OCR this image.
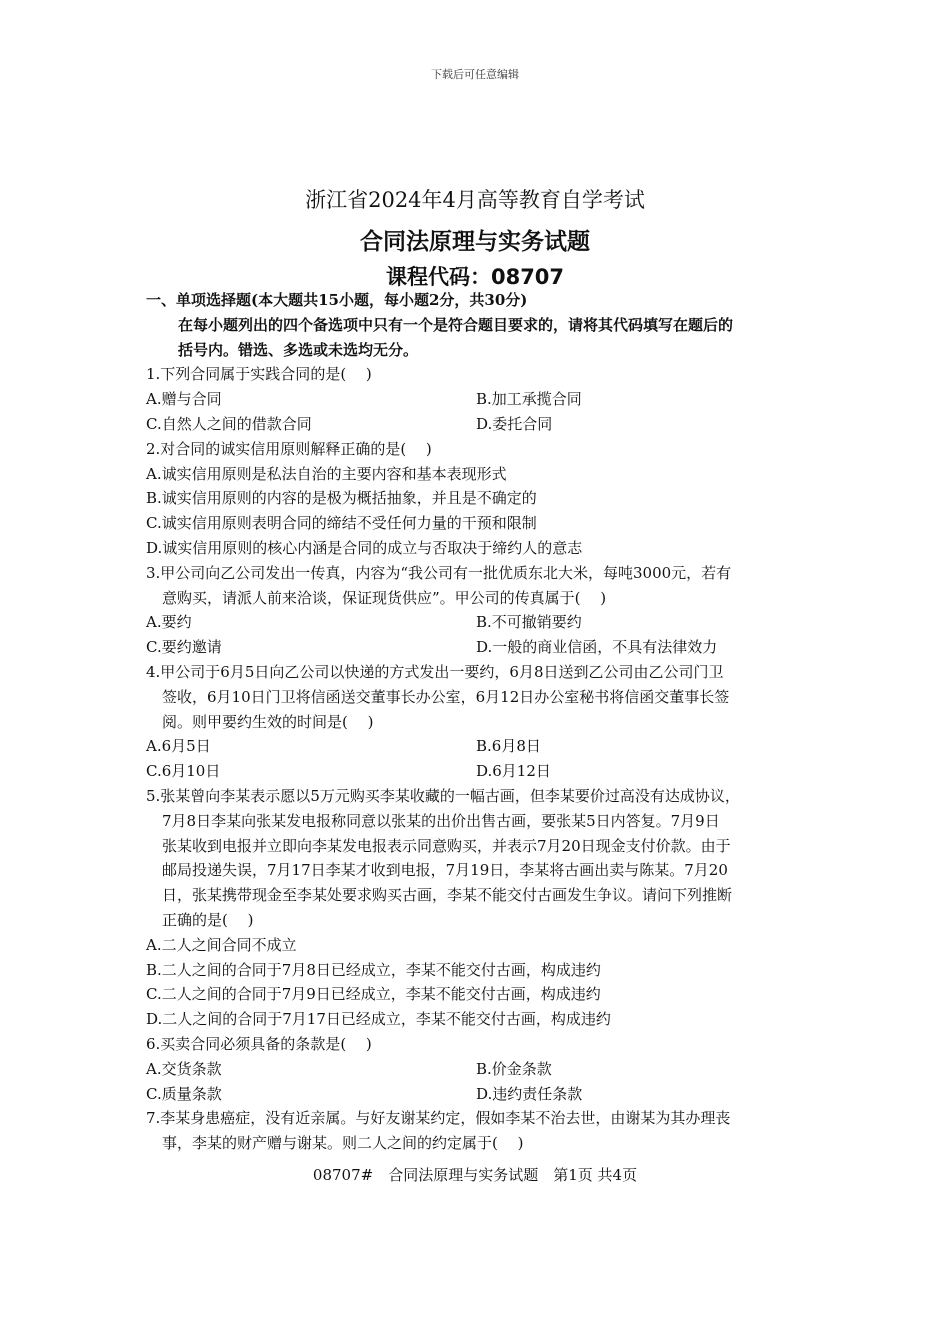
下载后可任意编辑
浙江省2024年4月高等教育自学考试
合同法原理与实务试题
课程代码：08707
一、单项选择题(本大题共15小题，每小题2分，共30分)
在每小题列出的四个备选项中只有一个是符合题目要求的，请将其代码填写在题后的
括号内。错选、多选或未选均无分。
1.下列合同属于实践合同的是(　 )
A.赠与合同	B.加工承揽合同
C.自然人之间的借款合同	D.委托合同
2.对合同的诚实信用原则解释正确的是(　 )
A.诚实信用原则是私法自治的主要内容和基本表现形式
B.诚实信用原则的内容的是极为概括抽象，并且是不确定的
C.诚实信用原则表明合同的缔结不受任何力量的干预和限制
D.诚实信用原则的核心内涵是合同的成立与否取决于缔约人的意志
3.甲公司向乙公司发出一传真，内容为“我公司有一批优质东北大米，每吨3000元，若有
意购买，请派人前来洽谈，保证现货供应”。甲公司的传真属于(　 )
A.要约	B.不可撤销要约
C.要约邀请	D.一般的商业信函，不具有法律效力
4.甲公司于6月5日向乙公司以快递的方式发出一要约，6月8日送到乙公司由乙公司门卫
签收，6月10日门卫将信函送交董事长办公室，6月12日办公室秘书将信函交董事长签
阅。则甲要约生效的时间是(　 )
A.6月5日	B.6月8日
C.6月10日	D.6月12日
5.张某曾向李某表示愿以5万元购买李某收藏的一幅古画，但李某要价过高没有达成协议，
7月8日李某向张某发电报称同意以张某的出价出售古画，要张某5日内答复。7月9日
张某收到电报并立即向李某发电报表示同意购买，并表示7月20日现金支付价款。由于
邮局投递失误，7月17日李某才收到电报，7月19日，李某将古画出卖与陈某。7月20
日，张某携带现金至李某处要求购买古画，李某不能交付古画发生争议。请问下列推断
正确的是(　 )
A.二人之间合同不成立
B.二人之间的合同于7月8日已经成立，李某不能交付古画，构成违约
C.二人之间的合同于7月9日已经成立，李某不能交付古画，构成违约
D.二人之间的合同于7月17日已经成立，李某不能交付古画，构成违约
6.买卖合同必须具备的条款是(　 )
A.交货条款	B.价金条款
C.质量条款	D.违约责任条款
7.李某身患癌症，没有近亲属。与好友谢某约定，假如李某不治去世，由谢某为其办理丧
事，李某的财产赠与谢某。则二人之间的约定属于(　 )
08707#　合同法原理与实务试题　第1页 共4页
